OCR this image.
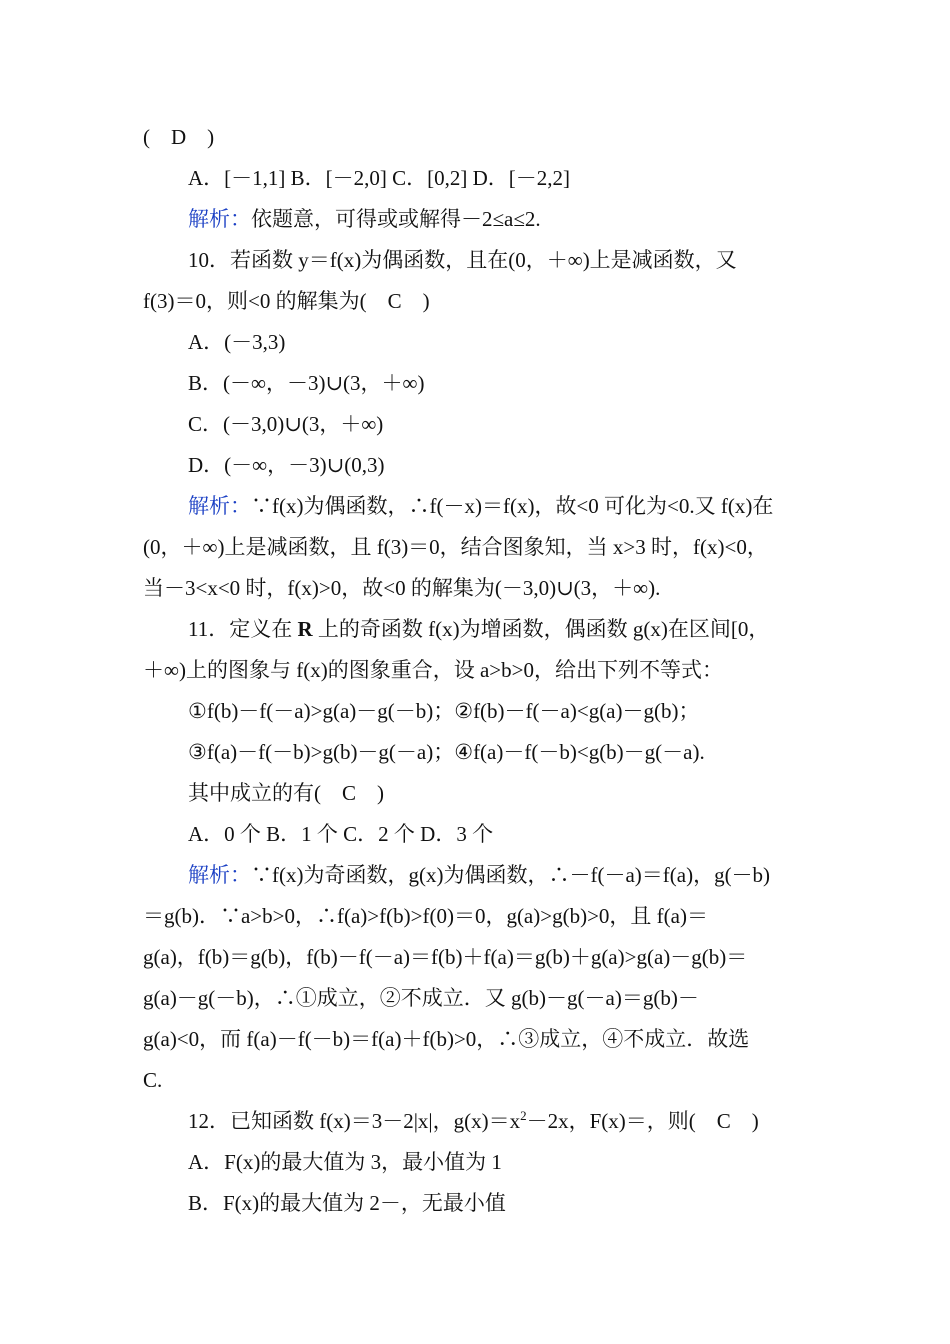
(　D　)
A．[－1,1] B．[－2,0] C．[0,2] D．[－2,2]
解析：依题意，可得或或解得－2≤a≤2.
10．若函数 y＝f(x)为偶函数，且在(0，＋∞)上是减函数，又
f(3)＝0，则<0 的解集为(　C　)
A．(－3,3)
B．(－∞，－3)∪(3，＋∞)
C．(－3,0)∪(3，＋∞)
D．(－∞，－3)∪(0,3)
解析：∵f(x)为偶函数，∴f(－x)＝f(x)，故<0 可化为<0.又 f(x)在
(0，＋∞)上是减函数，且 f(3)＝0，结合图象知，当 x>3 时，f(x)<0，
当－3<x<0 时，f(x)>0，故<0 的解集为(－3,0)∪(3，＋∞).
11．定义在 R 上的奇函数 f(x)为增函数，偶函数 g(x)在区间[0，
＋∞)上的图象与 f(x)的图象重合，设 a>b>0，给出下列不等式：
①f(b)－f(－a)>g(a)－g(－b)；②f(b)－f(－a)<g(a)－g(b)；
③f(a)－f(－b)>g(b)－g(－a)；④f(a)－f(－b)<g(b)－g(－a).
其中成立的有(　C　)
A．0 个 B．1 个 C．2 个 D．3 个
解析：∵f(x)为奇函数，g(x)为偶函数，∴－f(－a)＝f(a)，g(－b)
＝g(b)．∵a>b>0，∴f(a)>f(b)>f(0)＝0，g(a)>g(b)>0，且 f(a)＝
g(a)，f(b)＝g(b)，f(b)－f(－a)＝f(b)＋f(a)＝g(b)＋g(a)>g(a)－g(b)＝
g(a)－g(－b)，∴①成立，②不成立．又 g(b)－g(－a)＝g(b)－
g(a)<0，而 f(a)－f(－b)＝f(a)＋f(b)>0，∴③成立，④不成立．故选
C.
12．已知函数 f(x)＝3－2|x|，$g(x)=x^2-2x$，F(x)＝，则(　C　)
A．F(x)的最大值为 3，最小值为 1
B．F(x)的最大值为 2－，无最小值
